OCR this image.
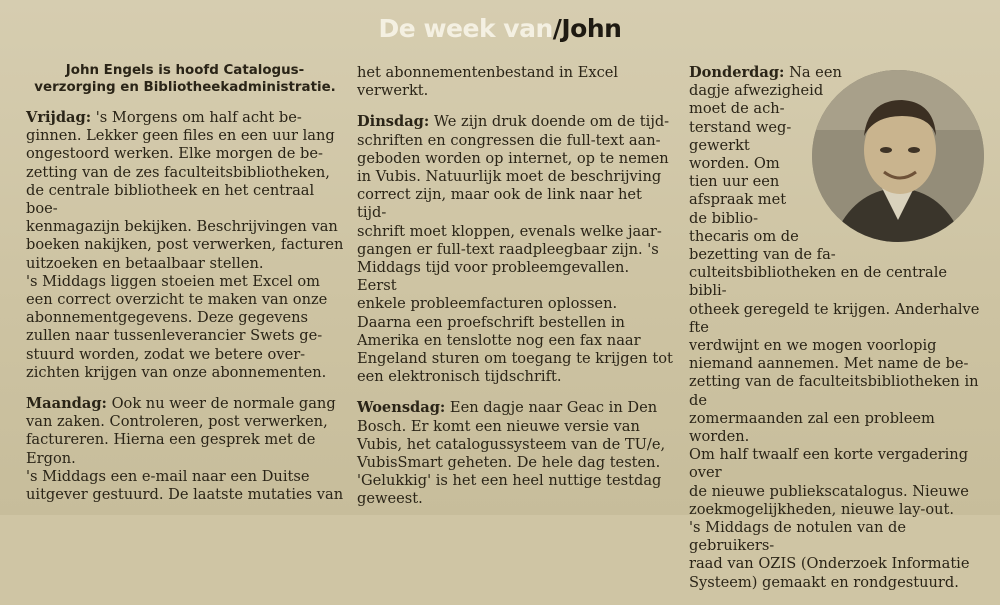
De week van/John
John Engels is hoofd Catalogus-
verzorging en Bibliotheekadministratie.

Vrijdag: 's Morgens om half acht be-
ginnen. Lekker geen files en een uur lang
ongestoord werken. Elke morgen de be-
zetting van de zes faculteitsbibliotheken,
de centrale bibliotheek en het centraal boe-
kenmagazijn bekijken. Beschrijvingen van
boeken nakijken, post verwerken, facturen
uitzoeken en betaalbaar stellen.
's Middags liggen stoeien met Excel om
een correct overzicht te maken van onze
abonnementgegevens. Deze gegevens
zullen naar tussenleverancier Swets ge-
stuurd worden, zodat we betere over-
zichten krijgen van onze abonnementen.

Maandag: Ook nu weer de normale gang
van zaken. Controleren, post verwerken,
factureren. Hierna een gesprek met de
Ergon.
's Middags een e-mail naar een Duitse
uitgever gestuurd. De laatste mutaties van

het abonnementenbestand in Excel
verwerkt.

Dinsdag: We zijn druk doende om de tijd-
schriften en congressen die full-text aan-
geboden worden op internet, op te nemen
in Vubis. Natuurlijk moet de beschrijving
correct zijn, maar ook de link naar het tijd-
schrift moet kloppen, evenals welke jaar-
gangen er full-text raadpleegbaar zijn. 's
Middags tijd voor probleemgevallen. Eerst
enkele probleemfacturen oplossen.
Daarna een proefschrift bestellen in
Amerika en tenslotte nog een fax naar
Engeland sturen om toegang te krijgen tot
een elektronisch tijdschrift.

Woensdag: Een dagje naar Geac in Den
Bosch. Er komt een nieuwe versie van
Vubis, het catalogussysteem van de TU/e,
VubisSmart geheten. De hele dag testen.
'Gelukkig' is het een heel nuttige testdag
geweest.

Donderdag: Na een
dagje afwezigheid
moet de ach-
terstand weg-
gewerkt
worden. Om
tien uur een
afspraak met
de biblio-
thecaris om de
bezetting van de fa-
culteitsbibliotheken en de centrale bibli-
otheek geregeld te krijgen. Anderhalve fte
verdwijnt en we mogen voorlopig
niemand aannemen. Met name de be-
zetting van de faculteitsbibliotheken in de
zomermaanden zal een probleem worden.
Om half twaalf een korte vergadering over
de nieuwe publiekscatalogus. Nieuwe
zoekmogelijkheden, nieuwe lay-out.
's Middags de notulen van de gebruikers-
raad van OZIS (Onderzoek Informatie
Systeem) gemaakt en rondgestuurd.
